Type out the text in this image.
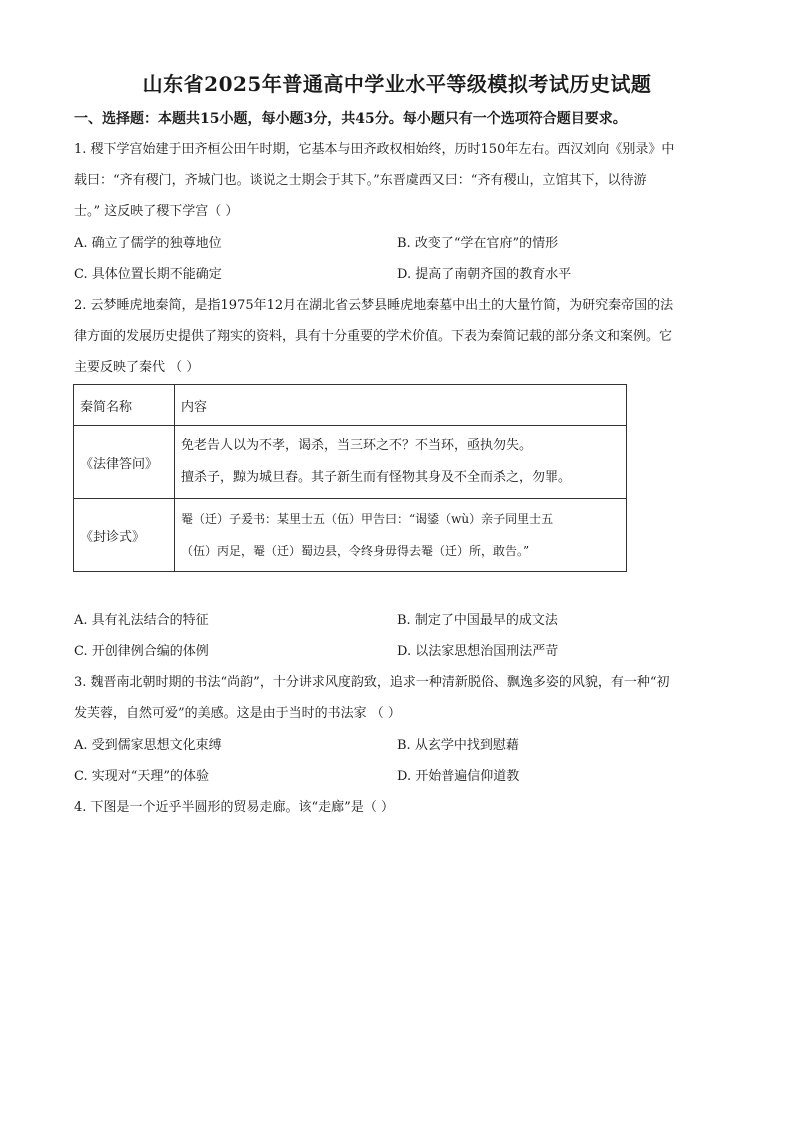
山东省2025年普通高中学业水平等级模拟考试历史试题
一、选择题：本题共15小题，每小题3分，共45分。每小题只有一个选项符合题目要求。
1. 稷下学宫始建于田齐桓公田午时期，它基本与田齐政权相始终，历时150年左右。西汉刘向《别录》中
载曰：“齐有稷门，齐城门也。谈说之士期会于其下。”东晋虞西又曰：“齐有稷山，立馆其下，以待游
士。” 这反映了稷下学宫（ ）
A. 确立了儒学的独尊地位	B. 改变了“学在官府”的情形
C. 具体位置长期不能确定	D. 提高了南朝齐国的教育水平
2. 云梦睡虎地秦简，是指1975年12月在湖北省云梦县睡虎地秦墓中出土的大量竹简，为研究秦帝国的法
律方面的发展历史提供了翔实的资料，具有十分重要的学术价值。下表为秦简记载的部分条文和案例。它
主要反映了秦代 （ ）
秦简名称	内容
《法律答问》	免老告人以为不孝，谒杀，当三环之不？不当环，亟执勿失。
擅杀子，黥为城旦舂。其子新生而有怪物其身及不全而杀之，勿罪。

《封诊式》	罨（迁）子爰书：某里士五（伍）甲告曰：“谒鋈（wù）亲子同里士五
（伍）丙足，罨（迁）蜀边县，令终身毋得去罨（迁）所，敢告。”
A. 具有礼法结合的特征	B. 制定了中国最早的成文法
C. 开创律例合编的体例	D. 以法家思想治国刑法严苛
3. 魏晋南北朝时期的书法“尚韵”，十分讲求风度韵致，追求一种清新脱俗、飘逸多姿的风貌，有一种“初
发芙蓉，自然可爱”的美感。这是由于当时的书法家 （ ）
A. 受到儒家思想文化束缚	B. 从玄学中找到慰藉
C. 实现对“天理”的体验	D. 开始普遍信仰道教
4. 下图是一个近乎半圆形的贸易走廊。该“走廊”是（ ）
